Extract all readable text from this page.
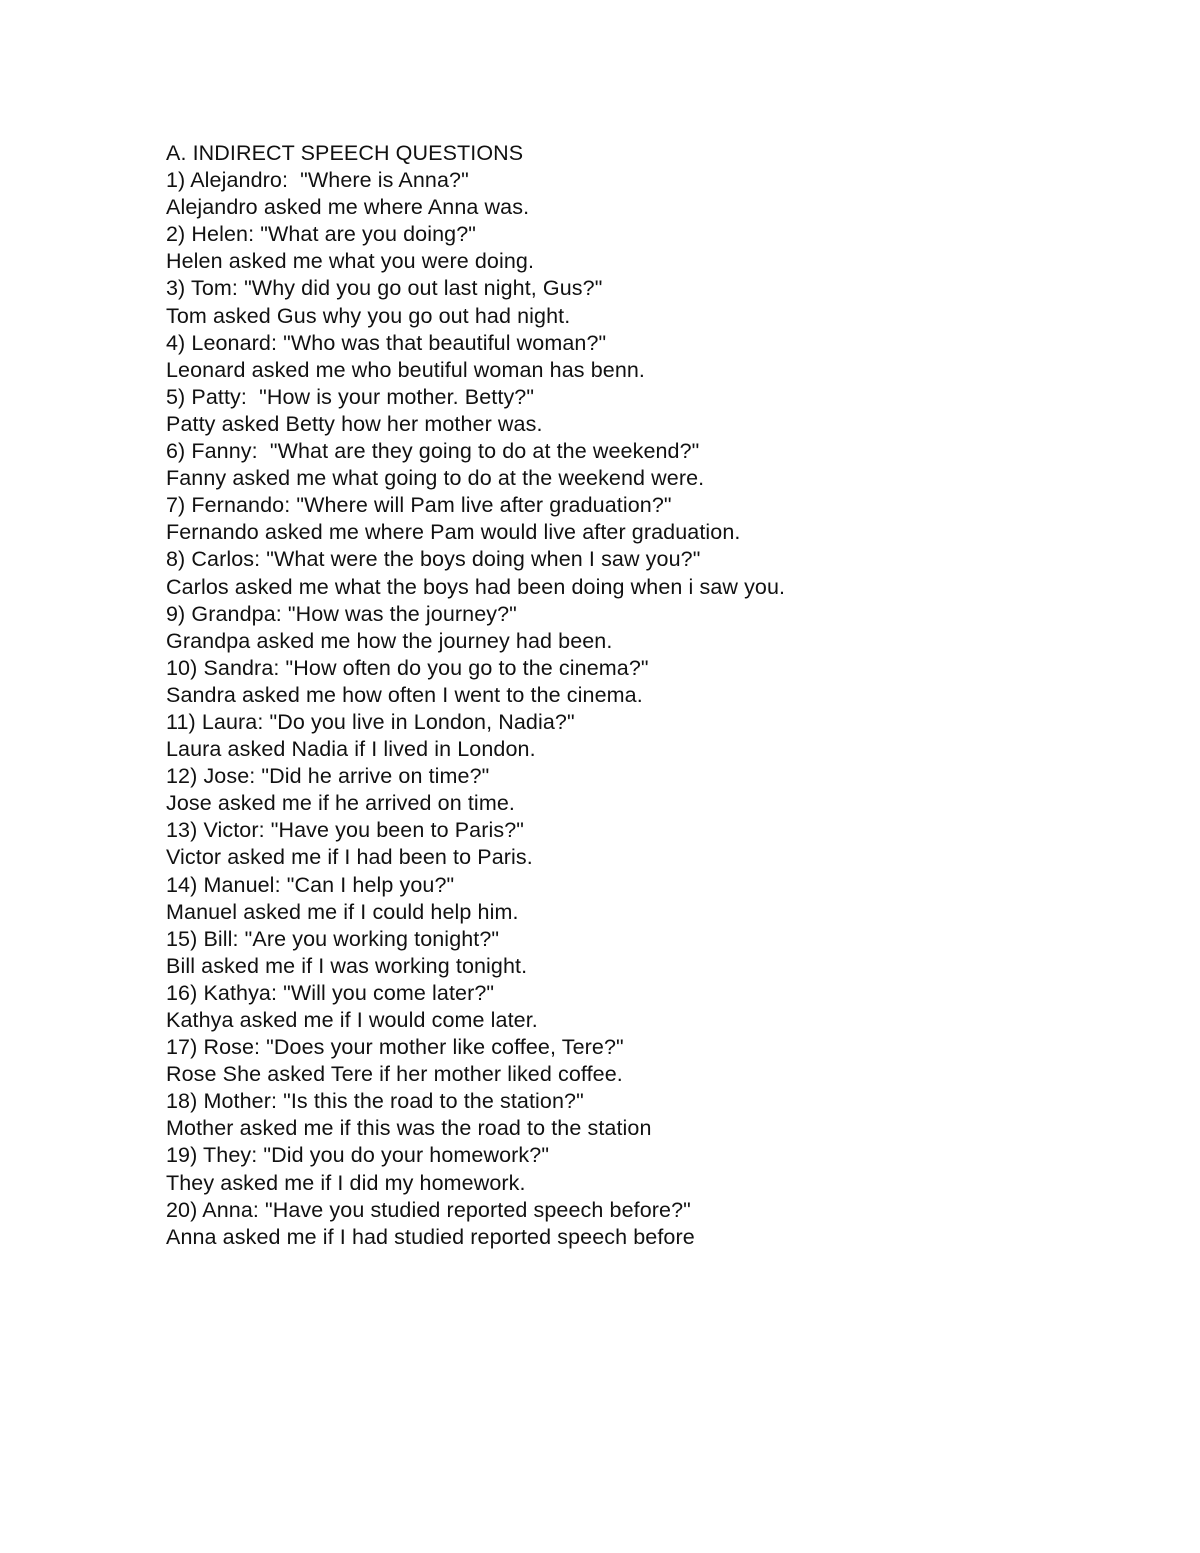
A. INDIRECT SPEECH QUESTIONS

1) Alejandro:  "Where is Anna?"

Alejandro asked me where Anna was.

2) Helen: "What are you doing?"

Helen asked me what you were doing.

3) Tom: "Why did you go out last night, Gus?"

Tom asked Gus why you go out had night.

4) Leonard: "Who was that beautiful woman?"

Leonard asked me who beutiful woman has benn.

5) Patty:  "How is your mother. Betty?"

Patty asked Betty how her mother was.

6) Fanny:  "What are they going to do at the weekend?"

Fanny asked me what going to do at the weekend were.

7) Fernando: "Where will Pam live after graduation?"

Fernando asked me where Pam would live after graduation.

8) Carlos: "What were the boys doing when I saw you?"

Carlos asked me what the boys had been doing when i saw you.

9) Grandpa: "How was the journey?"

Grandpa asked me how the journey had been.

10) Sandra: "How often do you go to the cinema?"

Sandra asked me how often I went to the cinema.

11) Laura: "Do you live in London, Nadia?"

Laura asked Nadia if I lived in London.

12) Jose: "Did he arrive on time?"

Jose asked me if he arrived on time.

13) Victor: "Have you been to Paris?"

Victor asked me if I had been to Paris.

14) Manuel: "Can I help you?"

Manuel asked me if I could help him.

15) Bill: "Are you working tonight?"

Bill asked me if I was working tonight.

16) Kathya: "Will you come later?"

Kathya asked me if I would come later.

17) Rose: "Does your mother like coffee, Tere?"

Rose She asked Tere if her mother liked coffee.

18) Mother: "Is this the road to the station?"

Mother asked me if this was the road to the station

19) They: "Did you do your homework?"

They asked me if I did my homework.

20) Anna: "Have you studied reported speech before?"

Anna asked me if I had studied reported speech before
